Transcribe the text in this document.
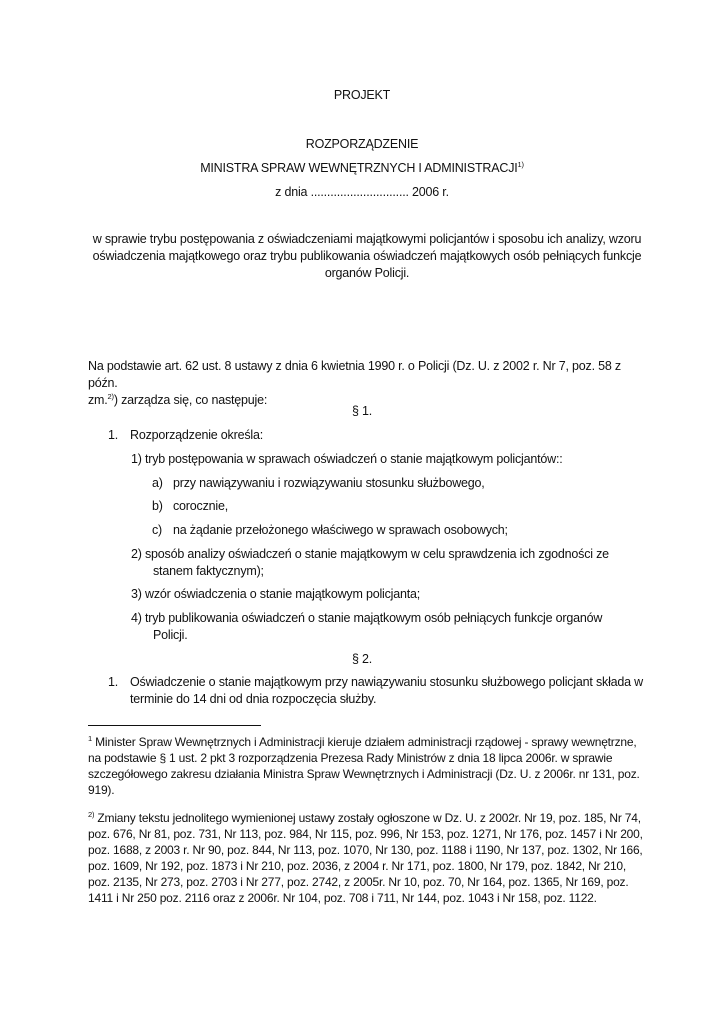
PROJEKT
ROZPORZĄDZENIE
MINISTRA SPRAW WEWNĘTRZNYCH I ADMINISTRACJI$^{1)}$
z dnia .............................. 2006 r.
w sprawie trybu postępowania z oświadczeniami majątkowymi policjantów i sposobu ich analizy, wzoru oświadczenia majątkowego oraz trybu publikowania oświadczeń majątkowych osób pełniących funkcje organów Policji.
Na podstawie art. 62 ust. 8 ustawy z dnia 6 kwietnia 1990 r. o Policji (Dz. U. z 2002 r. Nr 7, poz. 58 z późn.
zm.$^{2)}$) zarządza się, co następuje:
§ 1.
1. Rozporządzenie określa:
1) tryb postępowania w sprawach oświadczeń o stanie majątkowym policjantów::
a) przy nawiązywaniu i rozwiązywaniu stosunku służbowego,
b) corocznie,
c) na żądanie przełożonego właściwego w sprawach osobowych;
2) sposób analizy oświadczeń o stanie majątkowym w celu sprawdzenia ich zgodności ze
stanem faktycznym);
3) wzór oświadczenia o stanie majątkowym policjanta;
4) tryb publikowania oświadczeń o stanie majątkowym osób pełniących funkcje organów
Policji.
§ 2.
1. Oświadczenie o stanie majątkowym przy nawiązywaniu stosunku służbowego policjant składa w terminie do 14 dni od dnia rozpoczęcia służby.
$^1$ Minister Spraw Wewnętrznych i Administracji kieruje działem administracji rządowej - sprawy wewnętrzne, na podstawie § 1 ust. 2 pkt 3 rozporządzenia Prezesa Rady Ministrów z dnia 18 lipca 2006r. w sprawie szczegółowego zakresu działania Ministra Spraw Wewnętrznych i Administracji (Dz. U. z 2006r. nr 131, poz. 919).
$^{2)}$ Zmiany tekstu jednolitego wymienionej ustawy zostały ogłoszone w Dz. U. z 2002r. Nr 19, poz. 185, Nr 74, poz. 676, Nr 81, poz. 731, Nr 113, poz. 984, Nr 115, poz. 996, Nr 153, poz. 1271, Nr 176, poz. 1457 i Nr 200, poz. 1688, z 2003 r. Nr 90, poz. 844, Nr 113, poz. 1070, Nr 130, poz. 1188 i 1190, Nr 137, poz. 1302, Nr 166, poz. 1609, Nr 192, poz. 1873 i Nr 210, poz. 2036, z 2004 r. Nr 171, poz. 1800, Nr 179, poz. 1842, Nr 210, poz. 2135, Nr 273, poz. 2703 i Nr 277, poz. 2742, z 2005r. Nr 10, poz. 70, Nr 164, poz. 1365, Nr 169, poz. 1411 i Nr 250 poz. 2116 oraz z 2006r. Nr 104, poz. 708 i 711, Nr 144, poz. 1043 i Nr 158, poz. 1122.
